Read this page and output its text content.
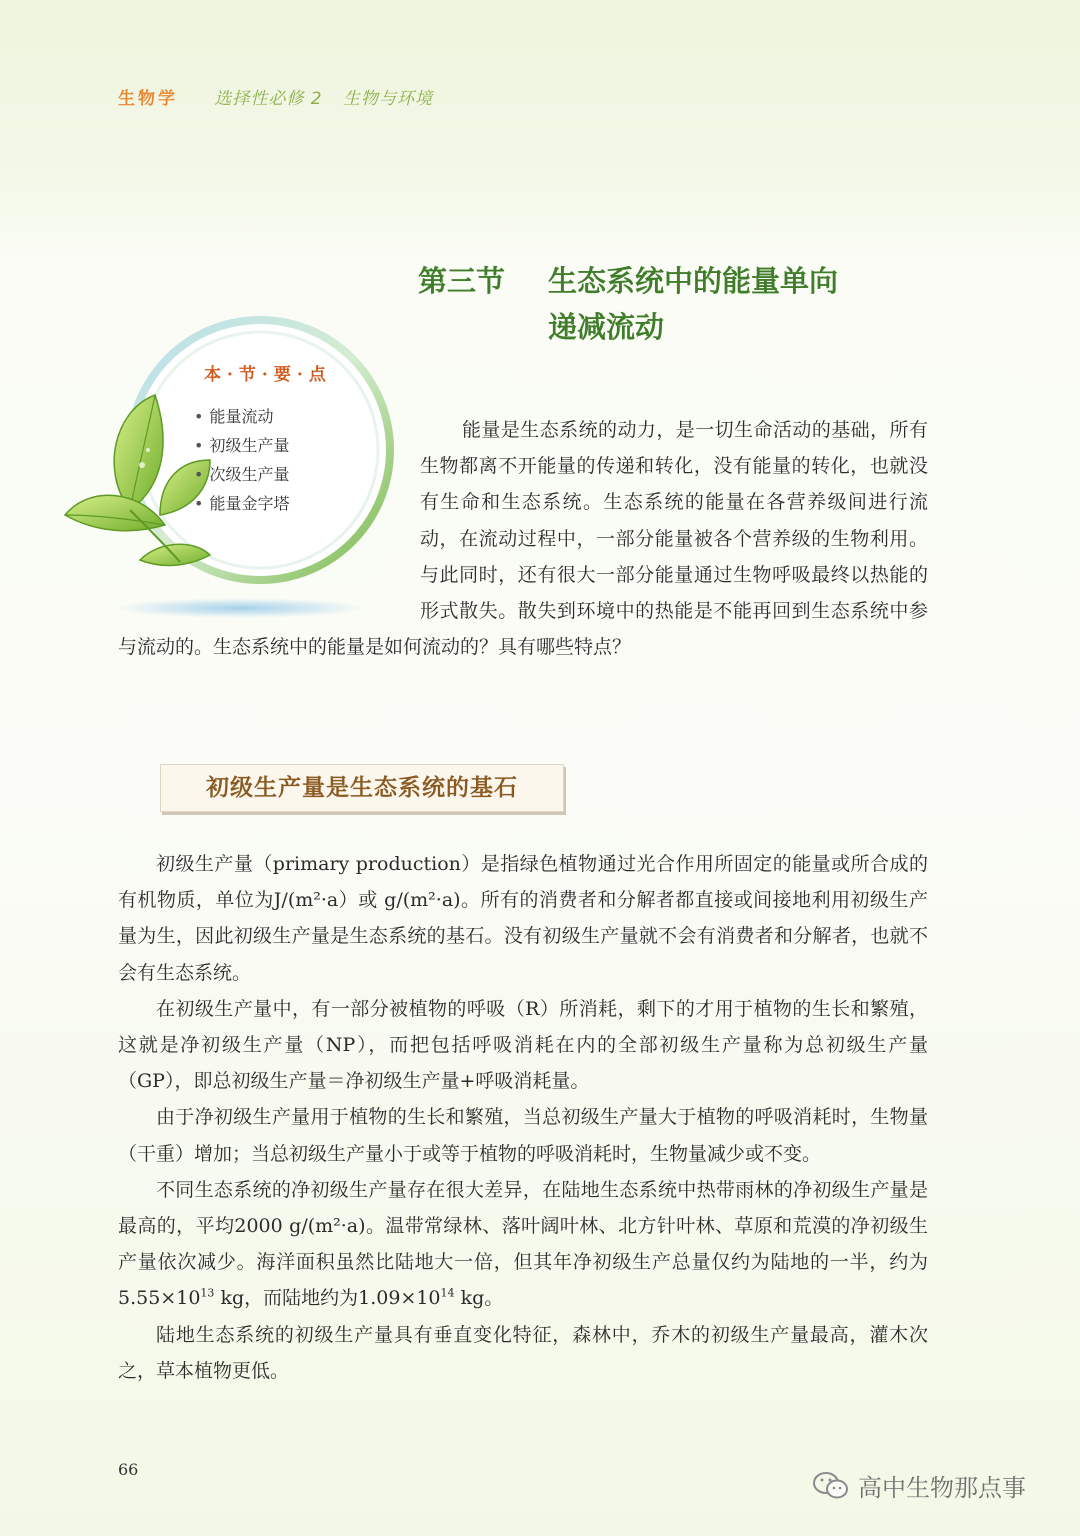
生物学 选择性必修 2 生物与环境
第三节 生态系统中的能量单向
递减流动
本·节·要·点
• 能量流动
• 初级生产量
• 次级生产量
• 能量金字塔
能量是生态系统的动力，是一切生命活动的基础，所有生物都离不开能量的传递和转化，没有能量的转化，也就没有生命和生态系统。生态系统的能量在各营养级间进行流动，在流动过程中，一部分能量被各个营养级的生物利用。与此同时，还有很大一部分能量通过生物呼吸最终以热能的形式散失。散失到环境中的热能是不能再回到生态系统中参与流动的。生态系统中的能量是如何流动的？具有哪些特点？
初级生产量是生态系统的基石

初级生产量（primary production）是指绿色植物通过光合作用所固定的能量或所合成的有机物质，单位为J/(m²·a）或 g/(m²·a)。所有的消费者和分解者都直接或间接地利用初级生产量为生，因此初级生产量是生态系统的基石。没有初级生产量就不会有消费者和分解者，也就不会有生态系统。

在初级生产量中，有一部分被植物的呼吸（R）所消耗，剩下的才用于植物的生长和繁殖，这就是净初级生产量（NP），而把包括呼吸消耗在内的全部初级生产量称为总初级生产量（GP），即总初级生产量＝净初级生产量+呼吸消耗量。

由于净初级生产量用于植物的生长和繁殖，当总初级生产量大于植物的呼吸消耗时，生物量（干重）增加；当总初级生产量小于或等于植物的呼吸消耗时，生物量减少或不变。

不同生态系统的净初级生产量存在很大差异，在陆地生态系统中热带雨林的净初级生产量是最高的，平均2000 g/(m²·a)。温带常绿林、落叶阔叶林、北方针叶林、草原和荒漠的净初级生产量依次减少。海洋面积虽然比陆地大一倍，但其年净初级生产总量仅约为陆地的一半，约为$5.55\times 10^{13}$ kg，而陆地约为$1.09\times 10^{14}$ kg。

陆地生态系统的初级生产量具有垂直变化特征，森林中，乔木的初级生产量最高，灌木次之，草本植物更低。

66
高中生物那点事
